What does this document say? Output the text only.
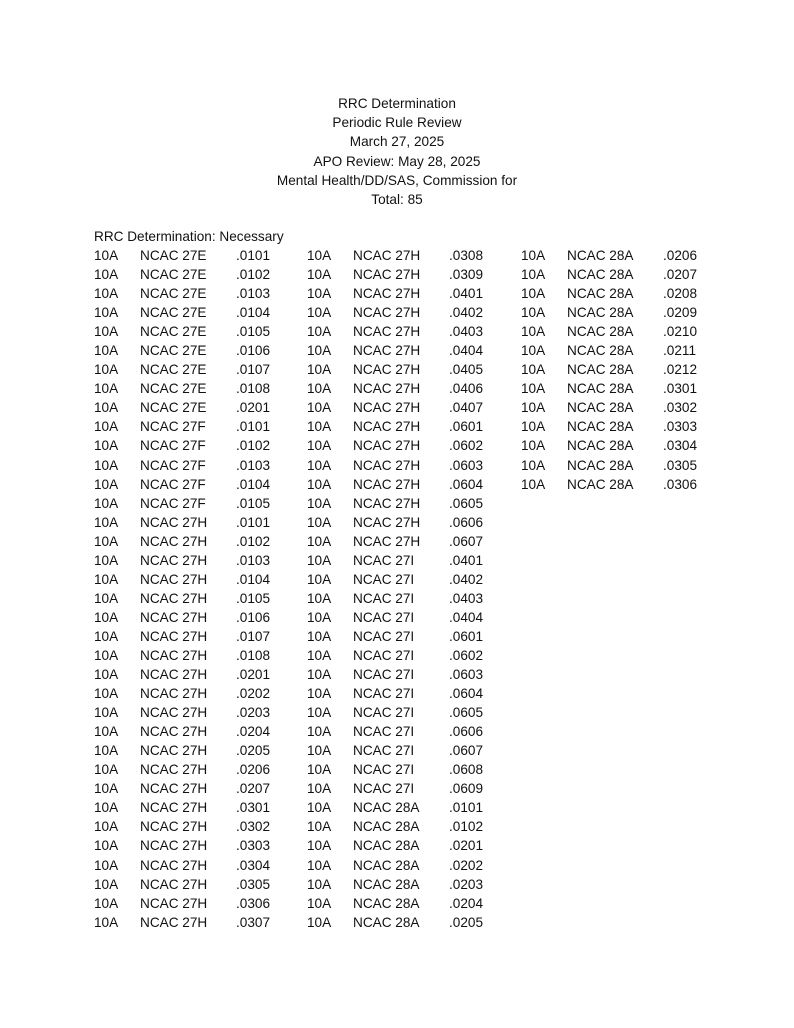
RRC Determination
Periodic Rule Review
March 27, 2025
APO Review: May 28, 2025
Mental Health/DD/SAS, Commission for
Total: 85
RRC Determination: Necessary
10A NCAC 27E .0101
10A NCAC 27E .0102
10A NCAC 27E .0103
10A NCAC 27E .0104
10A NCAC 27E .0105
10A NCAC 27E .0106
10A NCAC 27E .0107
10A NCAC 27E .0108
10A NCAC 27E .0201
10A NCAC 27F .0101
10A NCAC 27F .0102
10A NCAC 27F .0103
10A NCAC 27F .0104
10A NCAC 27F .0105
10A NCAC 27H .0101
10A NCAC 27H .0102
10A NCAC 27H .0103
10A NCAC 27H .0104
10A NCAC 27H .0105
10A NCAC 27H .0106
10A NCAC 27H .0107
10A NCAC 27H .0108
10A NCAC 27H .0201
10A NCAC 27H .0202
10A NCAC 27H .0203
10A NCAC 27H .0204
10A NCAC 27H .0205
10A NCAC 27H .0206
10A NCAC 27H .0207
10A NCAC 27H .0301
10A NCAC 27H .0302
10A NCAC 27H .0303
10A NCAC 27H .0304
10A NCAC 27H .0305
10A NCAC 27H .0306
10A NCAC 27H .0307
10A NCAC 27H .0308
10A NCAC 27H .0309
10A NCAC 27H .0401
10A NCAC 27H .0402
10A NCAC 27H .0403
10A NCAC 27H .0404
10A NCAC 27H .0405
10A NCAC 27H .0406
10A NCAC 27H .0407
10A NCAC 27H .0601
10A NCAC 27H .0602
10A NCAC 27H .0603
10A NCAC 27H .0604
10A NCAC 27H .0605
10A NCAC 27H .0606
10A NCAC 27H .0607
10A NCAC 27I	.0401
10A NCAC 27I	.0402
10A NCAC 27I	.0403
10A NCAC 27I	.0404
10A NCAC 27I	.0601
10A NCAC 27I	.0602
10A NCAC 27I	.0603
10A NCAC 27I	.0604
10A NCAC 27I	.0605
10A NCAC 27I	.0606
10A NCAC 27I	.0607
10A NCAC 27I	.0608
10A NCAC 27I	.0609
10A NCAC 28A .0101
10A NCAC 28A .0102
10A NCAC 28A .0201
10A NCAC 28A .0202
10A NCAC 28A .0203
10A NCAC 28A .0204
10A NCAC 28A .0205
10A NCAC 28A .0206
10A NCAC 28A .0207
10A NCAC 28A .0208
10A NCAC 28A .0209
10A NCAC 28A .0210
10A NCAC 28A .0211
10A NCAC 28A .0212
10A NCAC 28A .0301
10A NCAC 28A .0302
10A NCAC 28A .0303
10A NCAC 28A .0304
10A NCAC 28A .0305
10A NCAC 28A .0306
